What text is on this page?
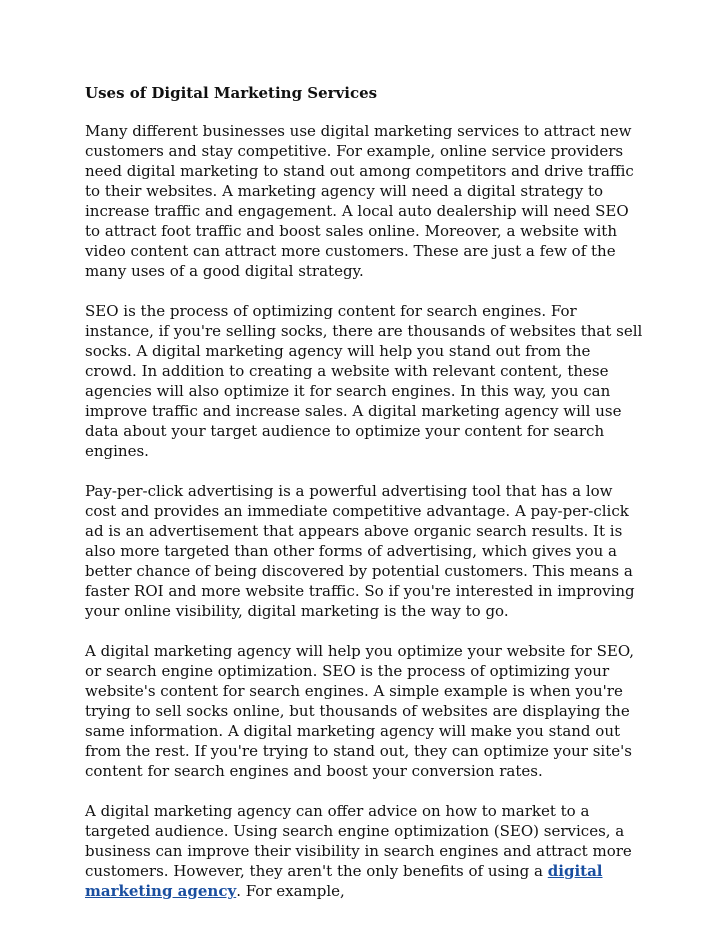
Uses of Digital Marketing Services

Many different businesses use digital marketing services to attract new customers and stay competitive. For example, online service providers need digital marketing to stand out among competitors and drive traffic to their websites. A marketing agency will need a digital strategy to increase traffic and engagement. A local auto dealership will need SEO to attract foot traffic and boost sales online. Moreover, a website with video content can attract more customers. These are just a few of the many uses of a good digital strategy.

SEO is the process of optimizing content for search engines. For instance, if you're selling socks, there are thousands of websites that sell socks. A digital marketing agency will help you stand out from the crowd. In addition to creating a website with relevant content, these agencies will also optimize it for search engines. In this way, you can improve traffic and increase sales. A digital marketing agency will use data about your target audience to optimize your content for search engines.

Pay-per-click advertising is a powerful advertising tool that has a low cost and provides an immediate competitive advantage. A pay-per-click ad is an advertisement that appears above organic search results. It is also more targeted than other forms of advertising, which gives you a better chance of being discovered by potential customers. This means a faster ROI and more website traffic. So if you're interested in improving your online visibility, digital marketing is the way to go.

A digital marketing agency will help you optimize your website for SEO, or search engine optimization. SEO is the process of optimizing your website's content for search engines. A simple example is when you're trying to sell socks online, but thousands of websites are displaying the same information. A digital marketing agency will make you stand out from the rest. If you're trying to stand out, they can optimize your site's content for search engines and boost your conversion rates.

A digital marketing agency can offer advice on how to market to a targeted audience. Using search engine optimization (SEO) services, a business can improve their visibility in search engines and attract more customers. However, they aren't the only benefits of using a digital marketing agency. For example,
